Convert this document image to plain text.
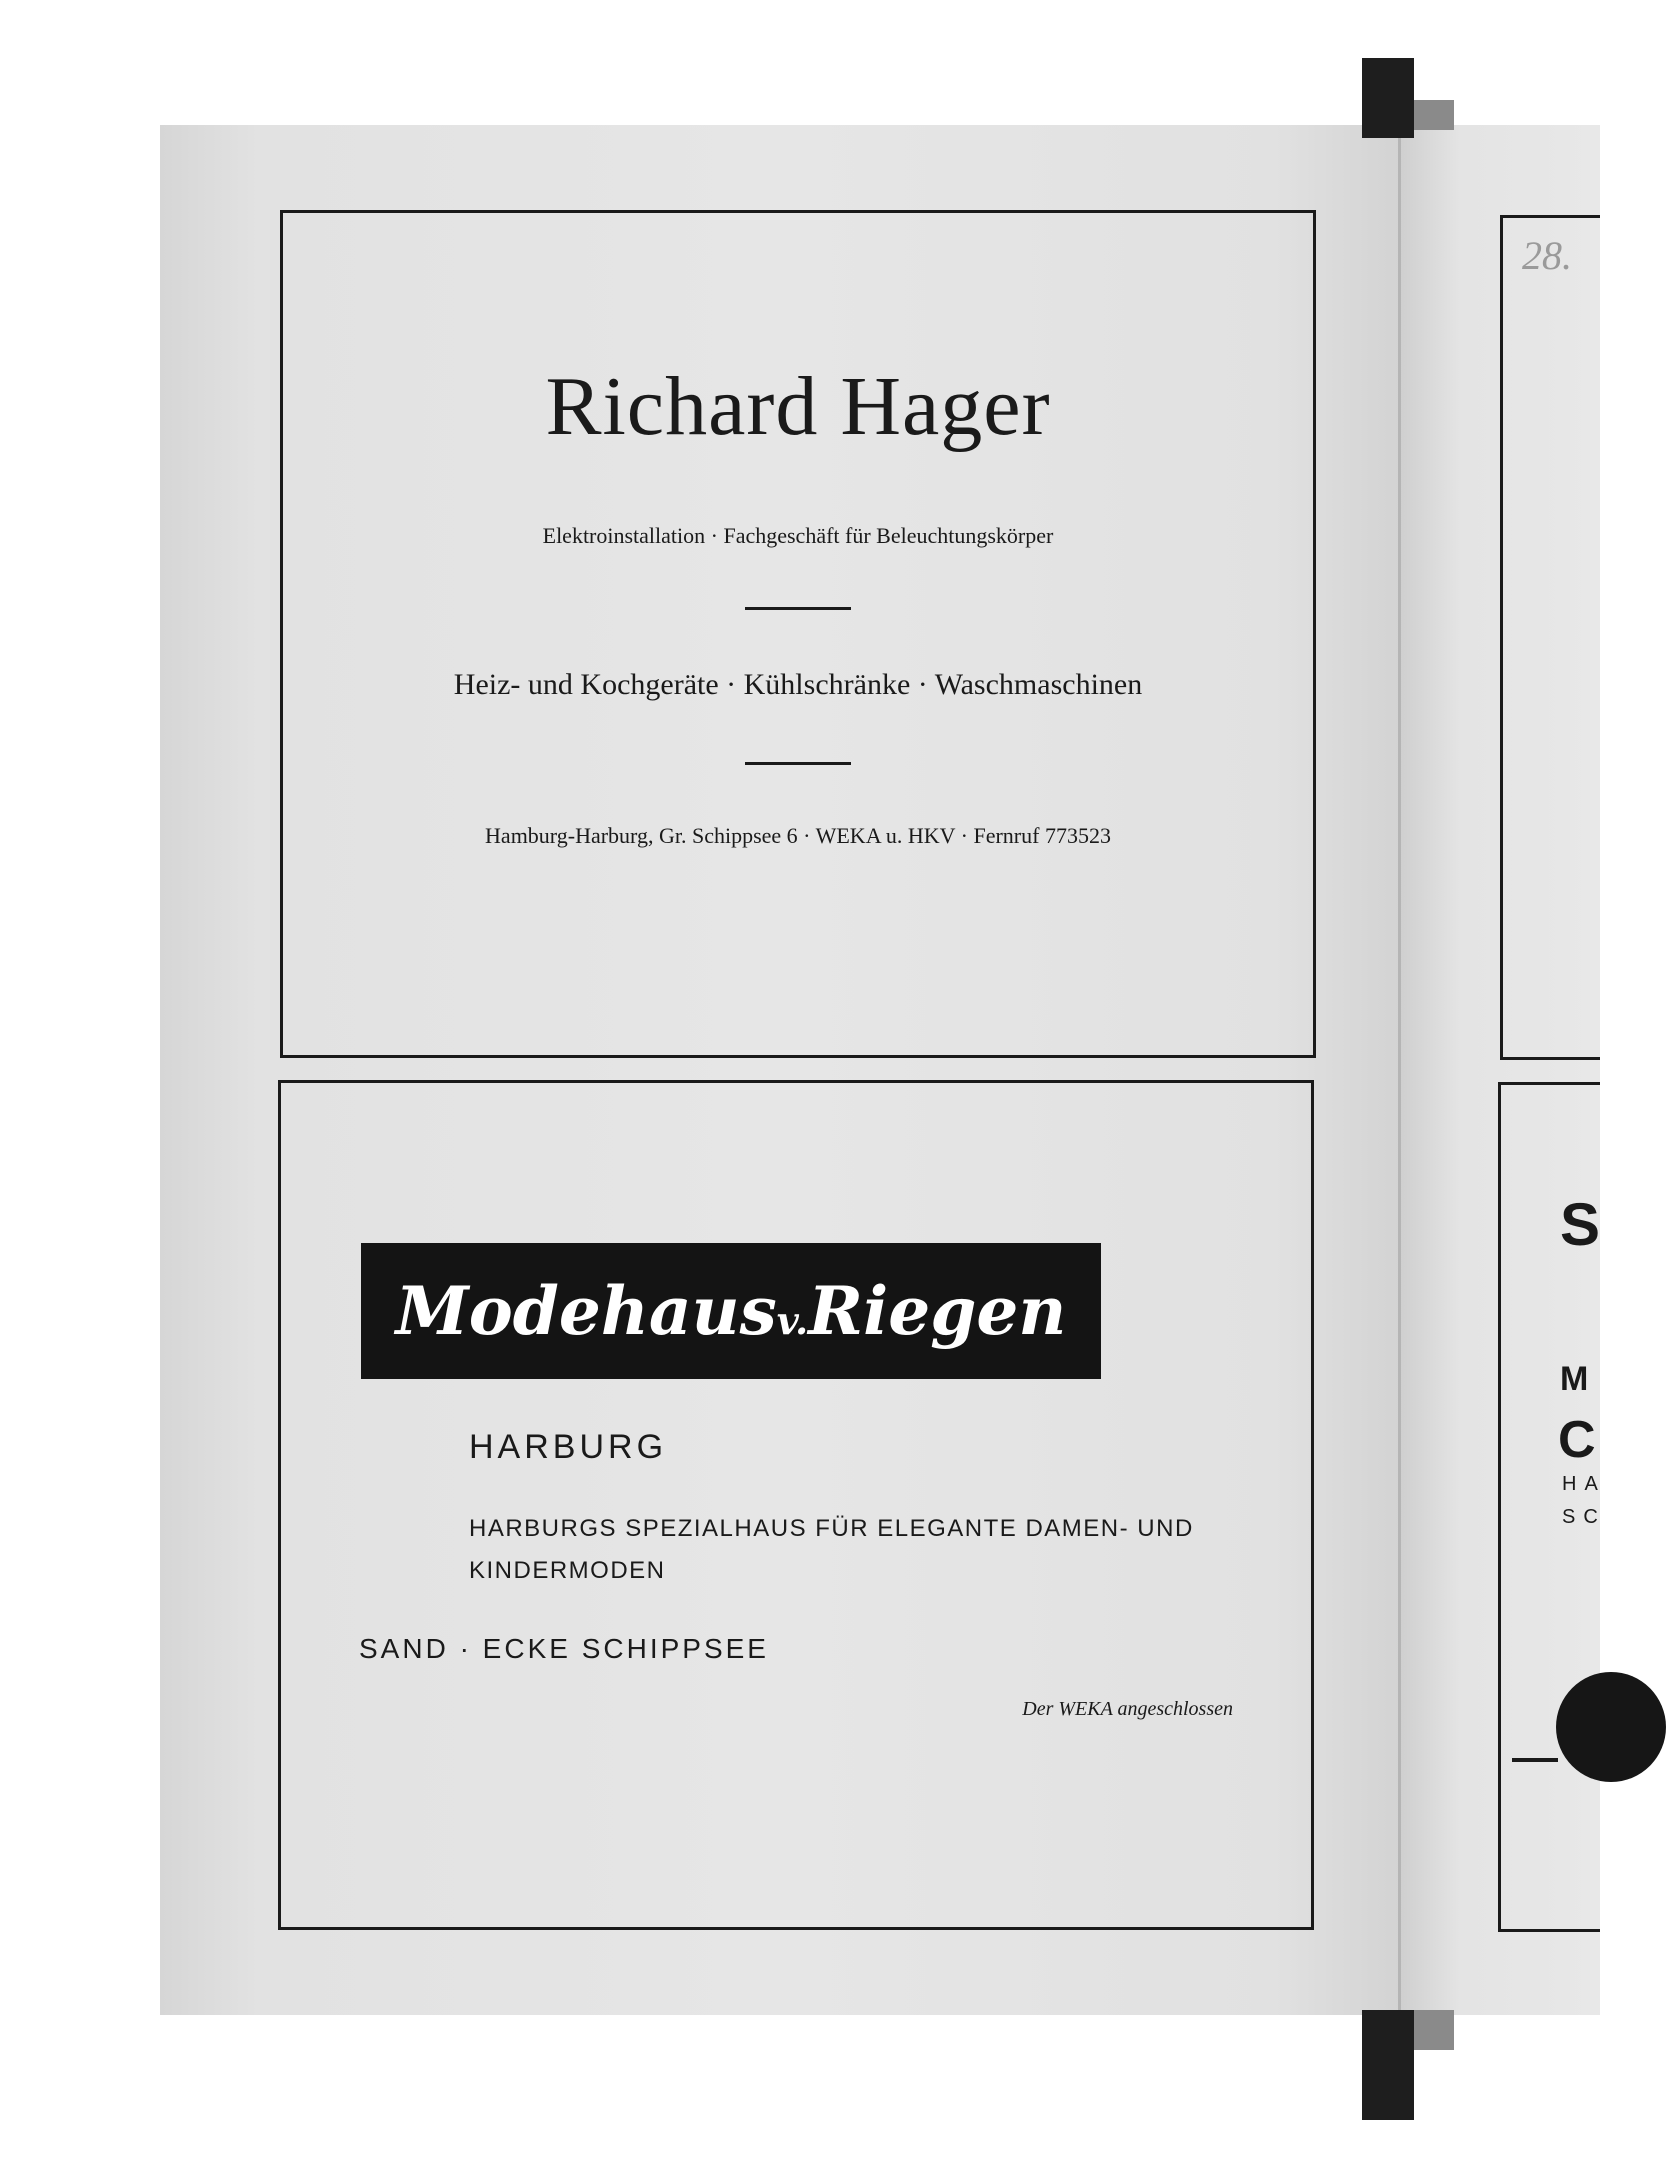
Richard Hager
Elektroinstallation · Fachgeschäft für Beleuchtungskörper
Heiz- und Kochgeräte · Kühlschränke · Waschmaschinen
Hamburg-Harburg, Gr. Schippsee 6 · WEKA u. HKV · Fernruf 773523
Modehausv.Riegen
HARBURG
HARBURGS SPEZIALHAUS FÜR ELEGANTE DAMEN- UND KINDERMODEN
SAND · ECKE SCHIPPSEE
Der WEKA angeschlossen
28.
S
M
C
HA
SC
